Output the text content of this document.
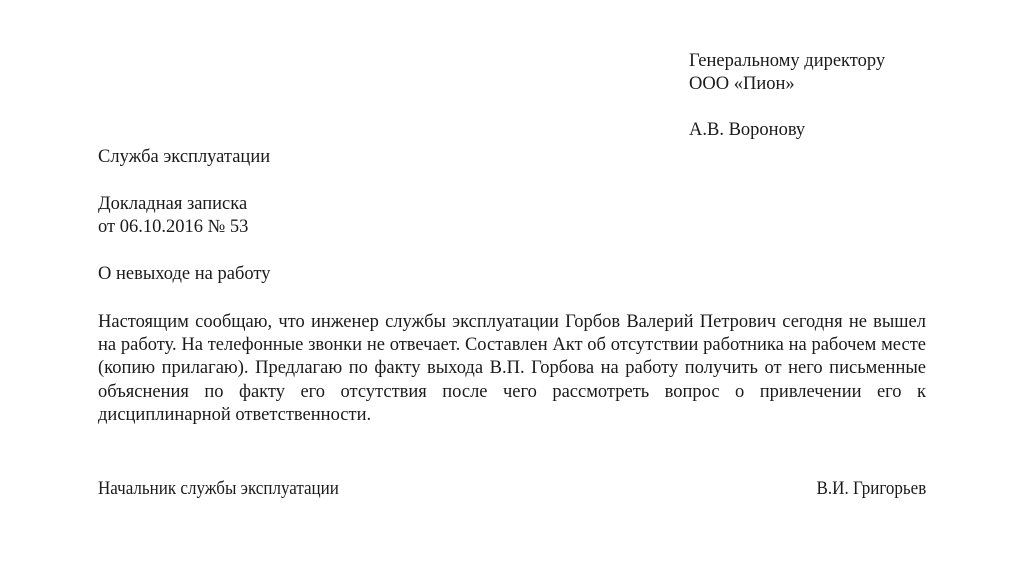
Генеральному директору
ООО «Пион»
А.В. Воронову
Служба эксплуатации
Докладная записка
от 06.10.2016 № 53
О невыходе на работу
Настоящим сообщаю, что инженер службы эксплуатации Горбов Валерий Петрович сегодня не вышел на работу. На телефонные звонки не отвечает. Составлен Акт об отсутствии работника на рабочем месте (копию прилагаю). Предлагаю по факту выхода В.П. Горбова на работу получить от него письменные объяснения по факту его отсутствия после чего рассмотреть вопрос о привлечении его к дисциплинарной ответственности.
Начальник службы эксплуатации	В.И. Григорьев
